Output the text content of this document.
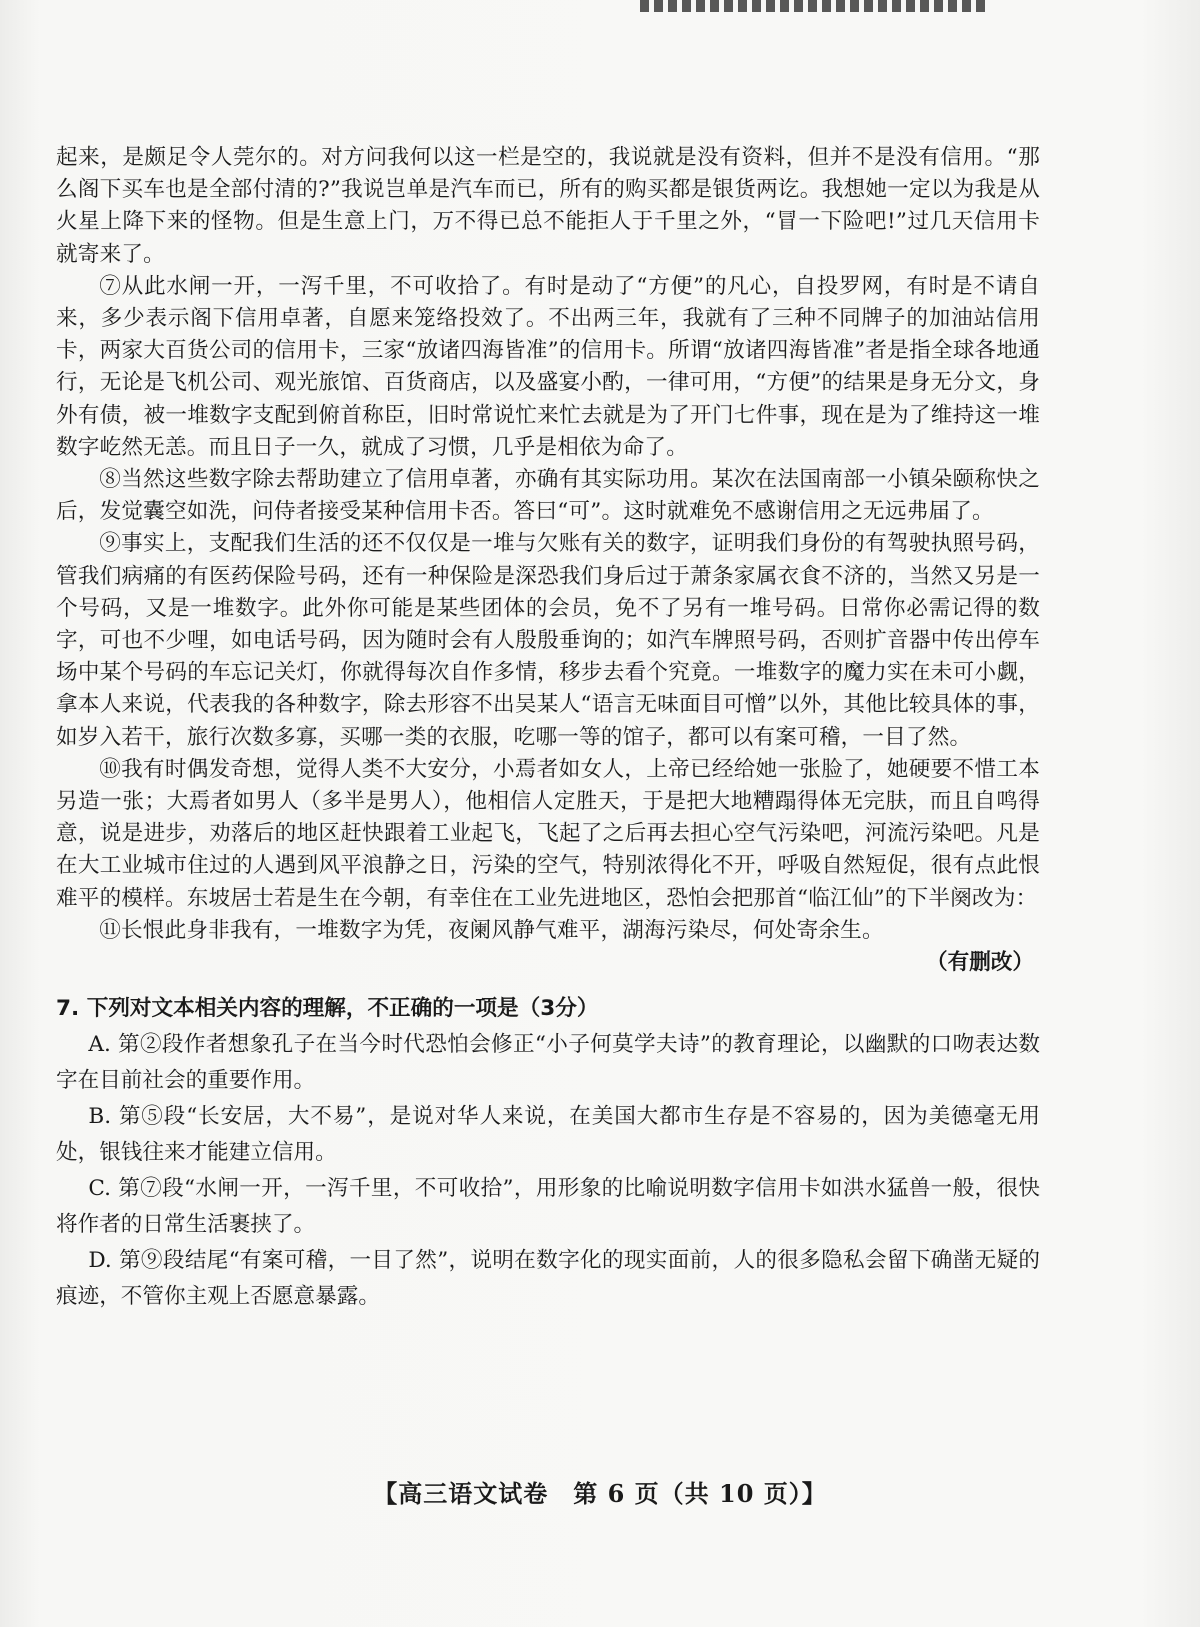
起来，是颇足令人莞尔的。对方问我何以这一栏是空的，我说就是没有资料，但并不是没有信用。“那么阁下买车也是全部付清的?”我说岂单是汽车而已，所有的购买都是银货两讫。我想她一定以为我是从火星上降下来的怪物。但是生意上门，万不得已总不能拒人于千里之外，“冒一下险吧!”过几天信用卡就寄来了。

⑦从此水闸一开，一泻千里，不可收拾了。有时是动了“方便”的凡心，自投罗网，有时是不请自来，多少表示阁下信用卓著，自愿来笼络投效了。不出两三年，我就有了三种不同牌子的加油站信用卡，两家大百货公司的信用卡，三家“放诸四海皆准”的信用卡。所谓“放诸四海皆准”者是指全球各地通行，无论是飞机公司、观光旅馆、百货商店，以及盛宴小酌，一律可用，“方便”的结果是身无分文，身外有债，被一堆数字支配到俯首称臣，旧时常说忙来忙去就是为了开门七件事，现在是为了维持这一堆数字屹然无恙。而且日子一久，就成了习惯，几乎是相依为命了。

⑧当然这些数字除去帮助建立了信用卓著，亦确有其实际功用。某次在法国南部一小镇朵颐称快之后，发觉囊空如洗，问侍者接受某种信用卡否。答曰“可”。这时就难免不感谢信用之无远弗届了。

⑨事实上，支配我们生活的还不仅仅是一堆与欠账有关的数字，证明我们身份的有驾驶执照号码，管我们病痛的有医药保险号码，还有一种保险是深恐我们身后过于萧条家属衣食不济的，当然又另是一个号码，又是一堆数字。此外你可能是某些团体的会员，免不了另有一堆号码。日常你必需记得的数字，可也不少哩，如电话号码，因为随时会有人殷殷垂询的；如汽车牌照号码，否则扩音器中传出停车场中某个号码的车忘记关灯，你就得每次自作多情，移步去看个究竟。一堆数字的魔力实在未可小觑，拿本人来说，代表我的各种数字，除去形容不出吴某人“语言无味面目可憎”以外，其他比较具体的事，如岁入若干，旅行次数多寡，买哪一类的衣服，吃哪一等的馆子，都可以有案可稽，一目了然。

⑩我有时偶发奇想，觉得人类不大安分，小焉者如女人，上帝已经给她一张脸了，她硬要不惜工本另造一张；大焉者如男人（多半是男人），他相信人定胜天，于是把大地糟蹋得体无完肤，而且自鸣得意，说是进步，劝落后的地区赶快跟着工业起飞，飞起了之后再去担心空气污染吧，河流污染吧。凡是在大工业城市住过的人遇到风平浪静之日，污染的空气，特别浓得化不开，呼吸自然短促，很有点此恨难平的模样。东坡居士若是生在今朝，有幸住在工业先进地区，恐怕会把那首“临江仙”的下半阕改为：

⑪长恨此身非我有，一堆数字为凭，夜阑风静气难平，湖海污染尽，何处寄余生。

（有删改）

7. 下列对文本相关内容的理解，不正确的一项是（3分）

A. 第②段作者想象孔子在当今时代恐怕会修正“小子何莫学夫诗”的教育理论，以幽默的口吻表达数字在目前社会的重要作用。

B. 第⑤段“长安居，大不易”，是说对华人来说，在美国大都市生存是不容易的，因为美德毫无用处，银钱往来才能建立信用。

C. 第⑦段“水闸一开，一泻千里，不可收拾”，用形象的比喻说明数字信用卡如洪水猛兽一般，很快将作者的日常生活裹挟了。

D. 第⑨段结尾“有案可稽，一目了然”，说明在数字化的现实面前，人的很多隐私会留下确凿无疑的痕迹，不管你主观上否愿意暴露。

【高三语文试卷　第 6 页（共 10 页）】
